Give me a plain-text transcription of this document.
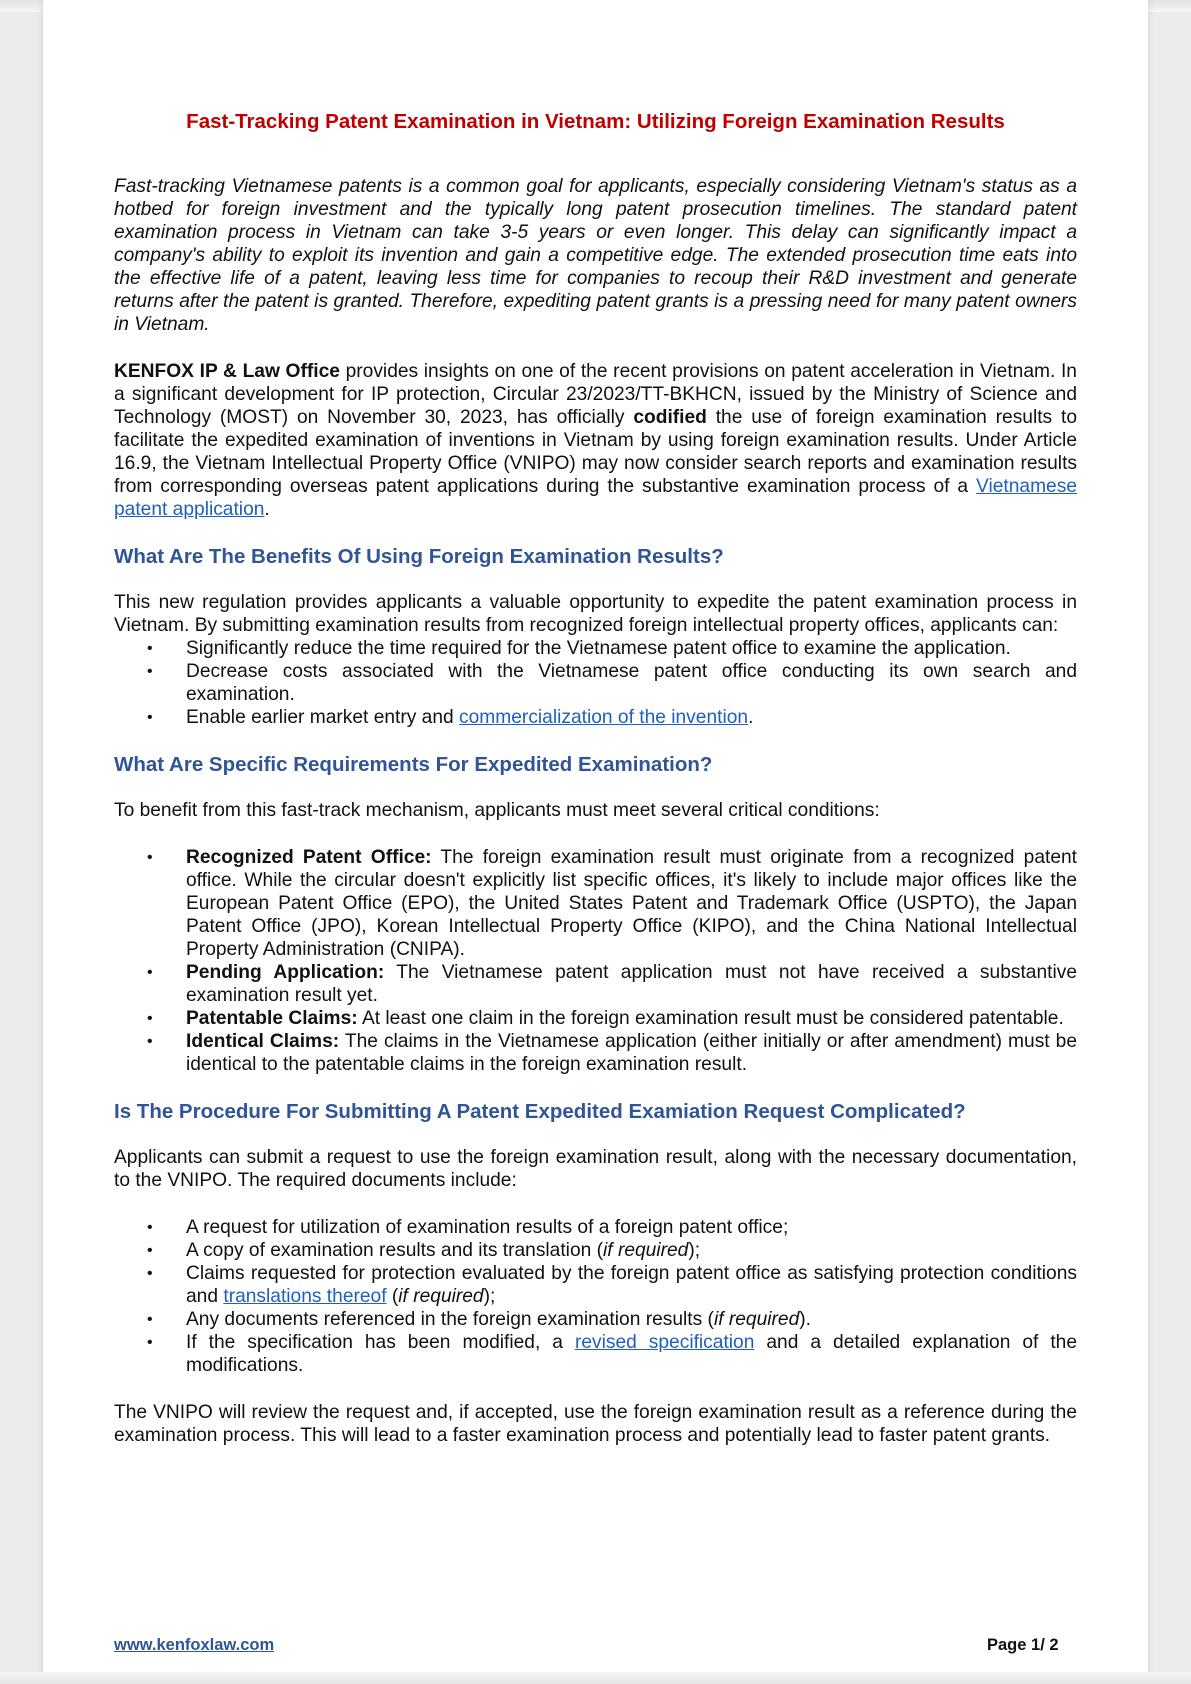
Fast-Tracking Patent Examination in Vietnam: Utilizing Foreign Examination Results

Fast-tracking Vietnamese patents is a common goal for applicants, especially considering Vietnam's status as a hotbed for foreign investment and the typically long patent prosecution timelines. The standard patent examination process in Vietnam can take 3-5 years or even longer. This delay can significantly impact a company's ability to exploit its invention and gain a competitive edge. The extended prosecution time eats into the effective life of a patent, leaving less time for companies to recoup their R&D investment and generate returns after the patent is granted. Therefore, expediting patent grants is a pressing need for many patent owners in Vietnam.

KENFOX IP & Law Office provides insights on one of the recent provisions on patent acceleration in Vietnam. In a significant development for IP protection, Circular 23/2023/TT-BKHCN, issued by the Ministry of Science and Technology (MOST) on November 30, 2023, has officially codified the use of foreign examination results to facilitate the expedited examination of inventions in Vietnam by using foreign examination results. Under Article 16.9, the Vietnam Intellectual Property Office (VNIPO) may now consider search reports and examination results from corresponding overseas patent applications during the substantive examination process of a Vietnamese patent application.

What Are The Benefits Of Using Foreign Examination Results?

This new regulation provides applicants a valuable opportunity to expedite the patent examination process in Vietnam. By submitting examination results from recognized foreign intellectual property offices, applicants can:

• Significantly reduce the time required for the Vietnamese patent office to examine the application.
• Decrease costs associated with the Vietnamese patent office conducting its own search and examination.
• Enable earlier market entry and commercialization of the invention.
What Are Specific Requirements For Expedited Examination?

To benefit from this fast-track mechanism, applicants must meet several critical conditions:

• Recognized Patent Office: The foreign examination result must originate from a recognized patent office. While the circular doesn't explicitly list specific offices, it's likely to include major offices like the European Patent Office (EPO), the United States Patent and Trademark Office (USPTO), the Japan Patent Office (JPO), Korean Intellectual Property Office (KIPO), and the China National Intellectual Property Administration (CNIPA).
• Pending Application: The Vietnamese patent application must not have received a substantive examination result yet.
• Patentable Claims: At least one claim in the foreign examination result must be considered patentable.
• Identical Claims: The claims in the Vietnamese application (either initially or after amendment) must be identical to the patentable claims in the foreign examination result.
Is The Procedure For Submitting A Patent Expedited Examiation Request Complicated?

Applicants can submit a request to use the foreign examination result, along with the necessary documentation, to the VNIPO. The required documents include:

• A request for utilization of examination results of a foreign patent office;
• A copy of examination results and its translation (if required);
• Claims requested for protection evaluated by the foreign patent office as satisfying protection conditions and translations thereof (if required);
• Any documents referenced in the foreign examination results (if required).
• If the specification has been modified, a revised specification and a detailed explanation of the modifications.

The VNIPO will review the request and, if accepted, use the foreign examination result as a reference during the examination process. This will lead to a faster examination process and potentially lead to faster patent grants.

www.kenfoxlaw.com	Page 1/ 2
